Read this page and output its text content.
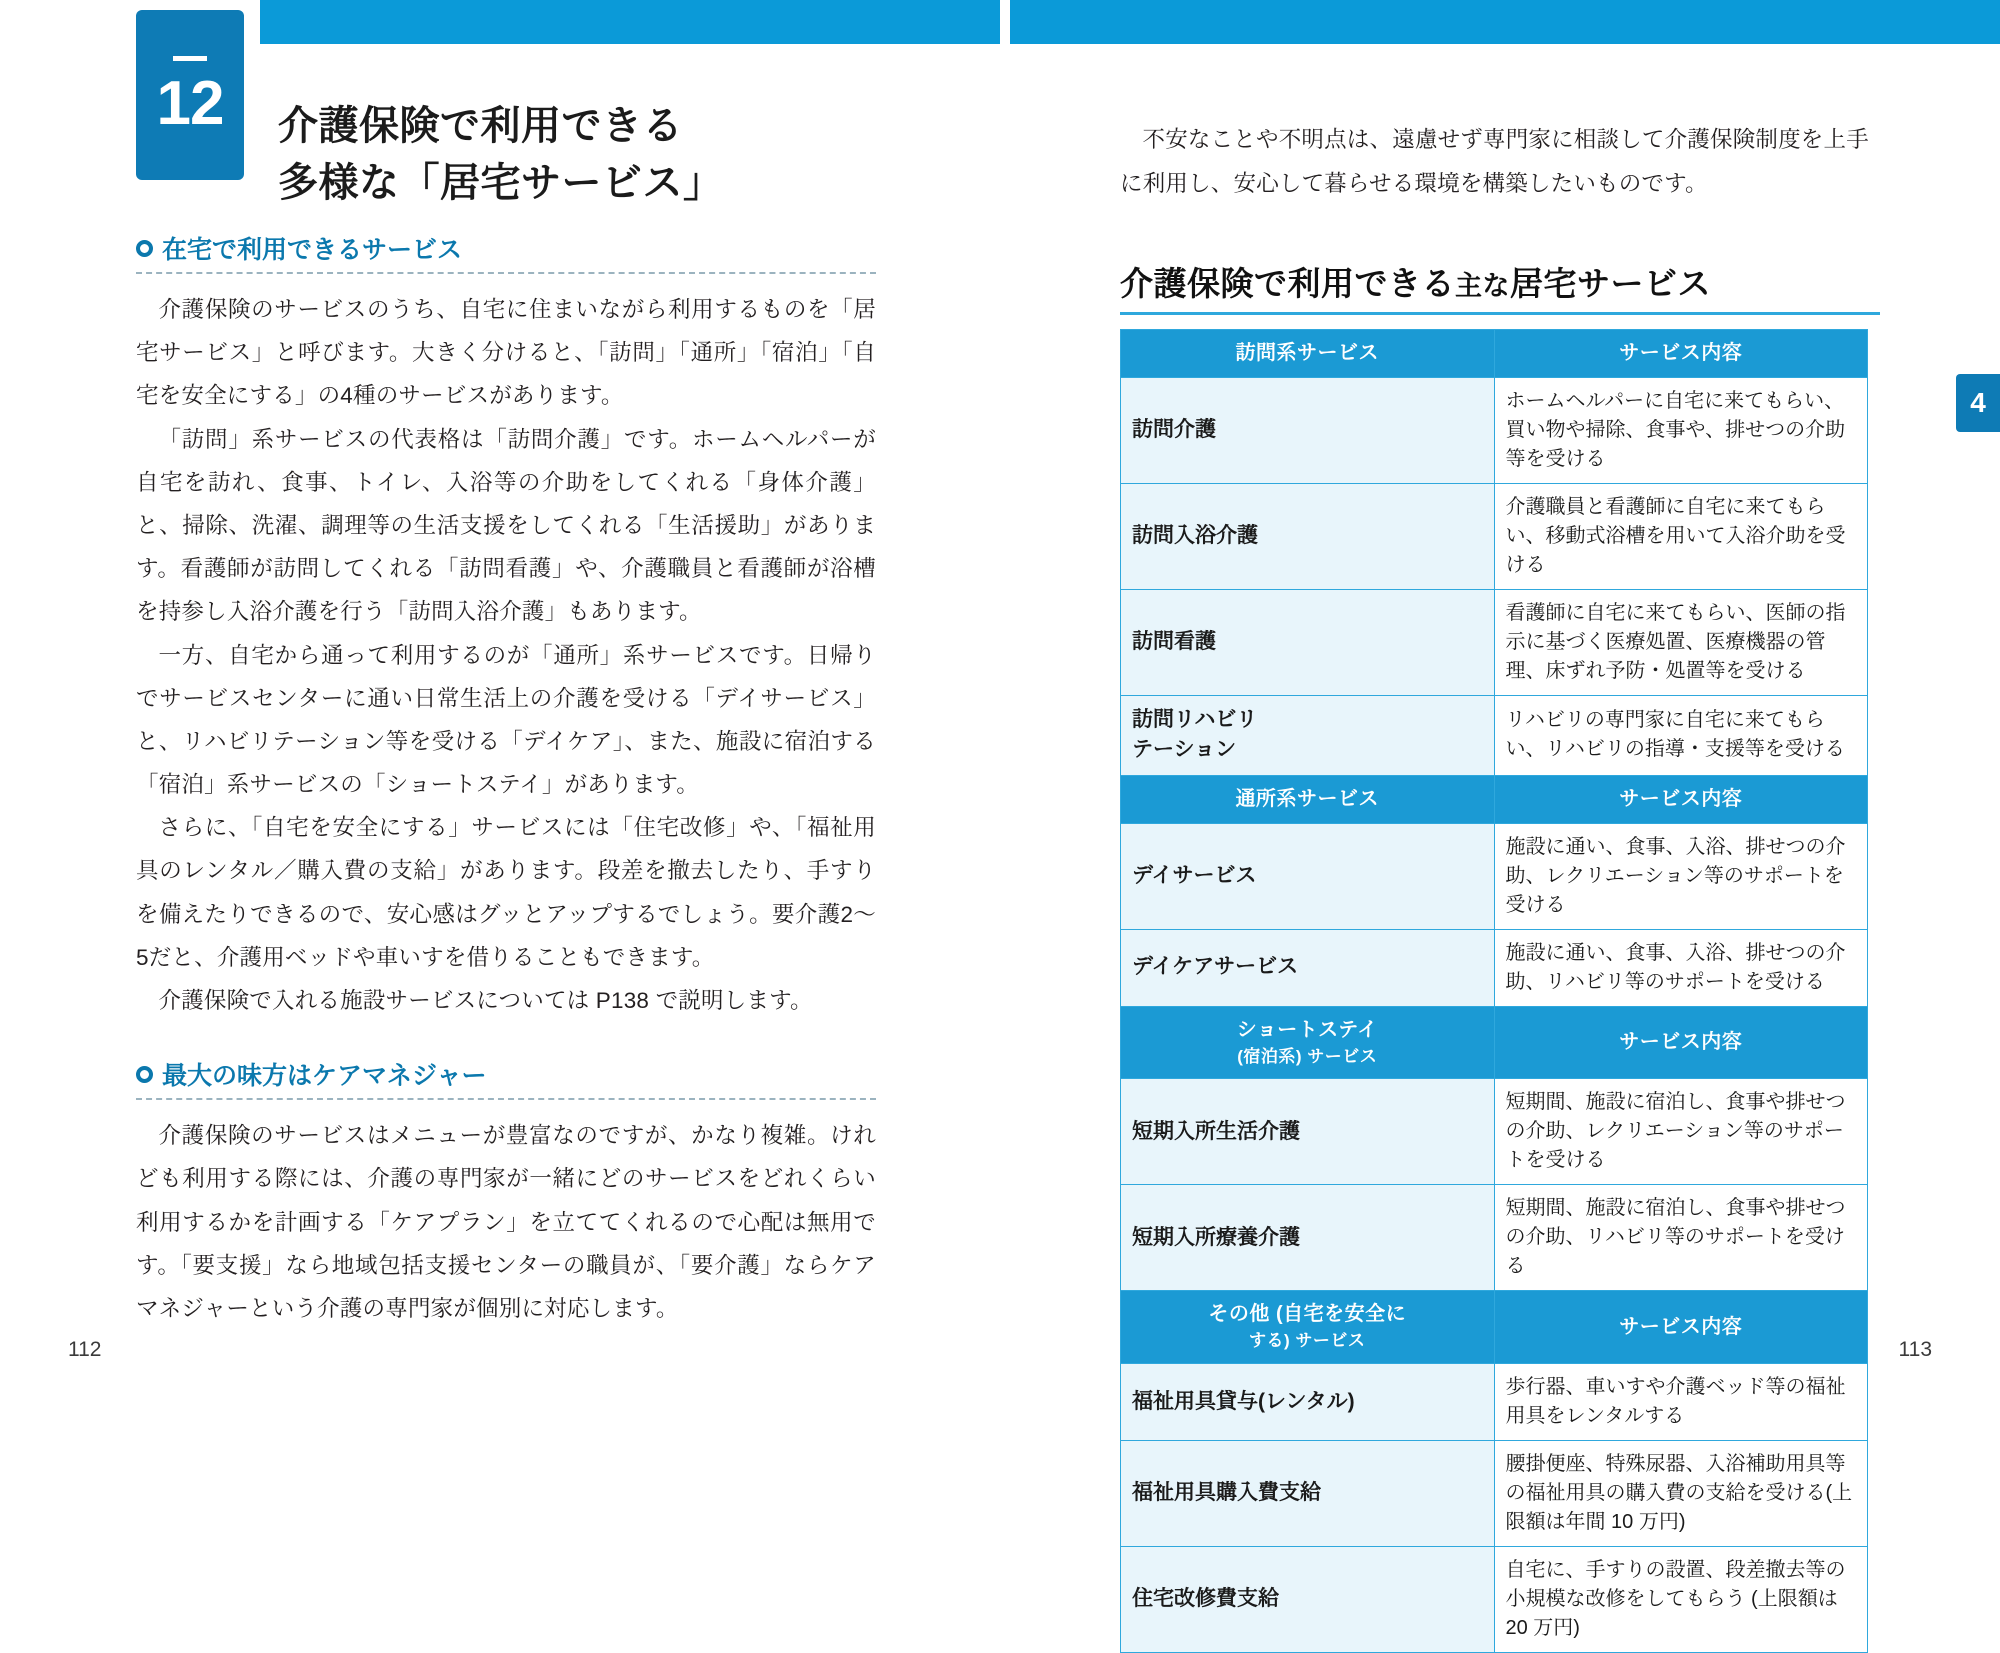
12 介護保険で利用できる
多様な「居宅サービス」
在宅で利用できるサービス

介護保険のサービスのうち、自宅に住まいながら利用するものを「居宅サービス」と呼びます。大きく分けると、「訪問」「通所」「宿泊」「自宅を安全にする」の4種のサービスがあります。

「訪問」系サービスの代表格は「訪問介護」です。ホームヘルパーが自宅を訪れ、食事、トイレ、入浴等の介助をしてくれる「身体介護」と、掃除、洗濯、調理等の生活支援をしてくれる「生活援助」があります。看護師が訪問してくれる「訪問看護」や、介護職員と看護師が浴槽を持参し入浴介護を行う「訪問入浴介護」もあります。

一方、自宅から通って利用するのが「通所」系サービスです。日帰りでサービスセンターに通い日常生活上の介護を受ける「デイサービス」と、リハビリテーション等を受ける「デイケア」、また、施設に宿泊する「宿泊」系サービスの「ショートステイ」があります。

さらに、「自宅を安全にする」サービスには「住宅改修」や、「福祉用具のレンタル／購入費の支給」があります。段差を撤去したり、手すりを備えたりできるので、安心感はグッとアップするでしょう。要介護2〜5だと、介護用ベッドや車いすを借りることもできます。

介護保険で入れる施設サービスについては P138 で説明します。

最大の味方はケアマネジャー

介護保険のサービスはメニューが豊富なのですが、かなり複雑。けれども利用する際には、介護の専門家が一緒にどのサービスをどれくらい利用するかを計画する「ケアプラン」を立ててくれるので心配は無用です。「要支援」なら地域包括支援センターの職員が、「要介護」ならケアマネジャーという介護の専門家が個別に対応します。

不安なことや不明点は、遠慮せず専門家に相談して介護保険制度を上手に利用し、安心して暮らせる環境を構築したいものです。

介護保険で利用できる主な居宅サービス
訪問系サービス	サービス内容
訪問介護	ホームヘルパーに自宅に来てもらい、買い物や掃除、食事や、排せつの介助等を受ける
訪問入浴介護	介護職員と看護師に自宅に来てもらい、移動式浴槽を用いて入浴介助を受ける
訪問看護	看護師に自宅に来てもらい、医師の指示に基づく医療処置、医療機器の管理、床ずれ予防・処置等を受ける
訪問リハビリ
テーション	リハビリの専門家に自宅に来てもらい、リハビリの指導・支援等を受ける
通所系サービス	サービス内容
デイサービス	施設に通い、食事、入浴、排せつの介助、レクリエーション等のサポートを受ける
デイケアサービス	施設に通い、食事、入浴、排せつの介助、リハビリ等のサポートを受ける

ショートステイ
(宿泊系) サービス	サービス内容
短期入所生活介護	短期間、施設に宿泊し、食事や排せつの介助、レクリエーション等のサポートを受ける
短期入所療養介護	短期間、施設に宿泊し、食事や排せつの介助、リハビリ等のサポートを受ける

その他 (自宅を安全に
する) サービス	サービス内容
福祉用具貸与(レンタル)	歩行器、車いすや介護ベッド等の福祉用具をレンタルする
福祉用具購入費支給	腰掛便座、特殊尿器、入浴補助用具等の福祉用具の購入費の支給を受ける(上限額は年間 10 万円)
住宅改修費支給	自宅に、手すりの設置、段差撤去等の小規模な改修をしてもらう (上限額は 20 万円)
4
112	113
